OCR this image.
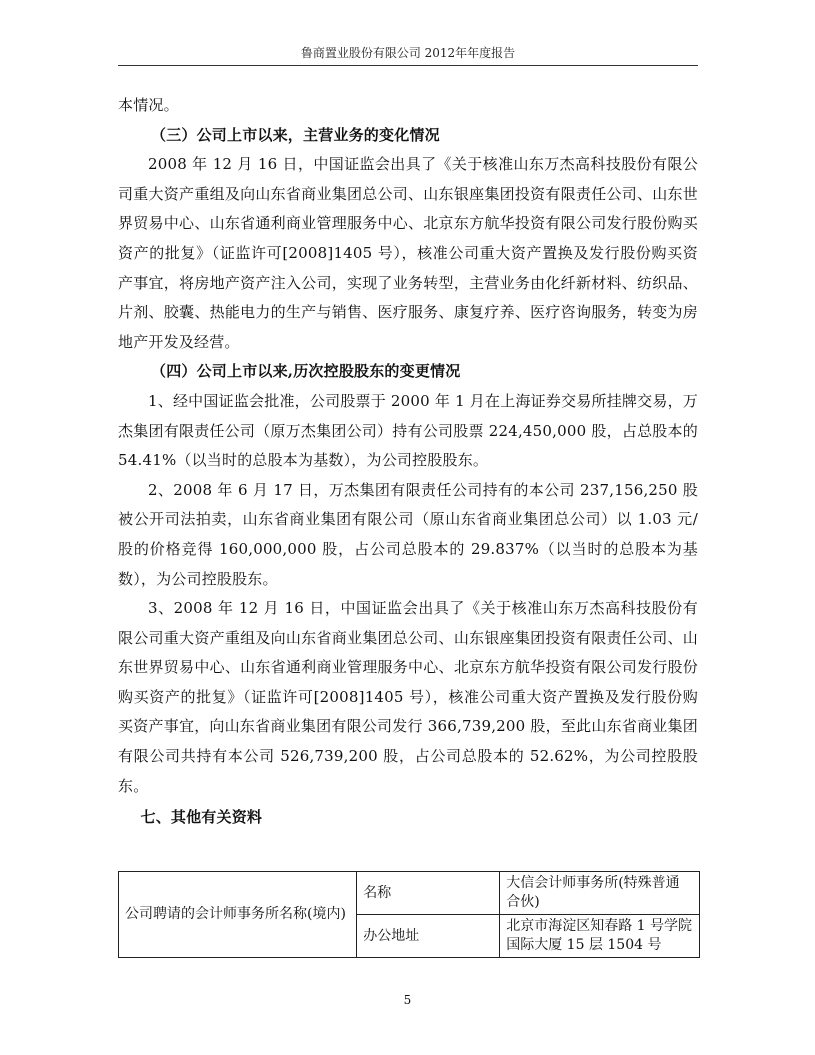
鲁商置业股份有限公司 2012年年度报告

本情况。

（三）公司上市以来，主营业务的变化情况

2008 年 12 月 16 日，中国证监会出具了《关于核准山东万杰高科技股份有限公司重大资产重组及向山东省商业集团总公司、山东银座集团投资有限责任公司、山东世界贸易中心、山东省通利商业管理服务中心、北京东方航华投资有限公司发行股份购买资产的批复》（证监许可[2008]1405 号），核准公司重大资产置换及发行股份购买资产事宜，将房地产资产注入公司，实现了业务转型，主营业务由化纤新材料、纺织品、片剂、胶囊、热能电力的生产与销售、医疗服务、康复疗养、医疗咨询服务，转变为房地产开发及经营。

（四）公司上市以来,历次控股股东的变更情况

1、经中国证监会批准，公司股票于 2000 年 1 月在上海证券交易所挂牌交易，万杰集团有限责任公司（原万杰集团公司）持有公司股票 224,450,000 股，占总股本的 54.41%（以当时的总股本为基数），为公司控股股东。

2、2008 年 6 月 17 日，万杰集团有限责任公司持有的本公司 237,156,250 股被公开司法拍卖，山东省商业集团有限公司（原山东省商业集团总公司）以 1.03 元/股的价格竞得 160,000,000 股，占公司总股本的 29.837%（以当时的总股本为基数），为公司控股股东。

3、2008 年 12 月 16 日，中国证监会出具了《关于核准山东万杰高科技股份有限公司重大资产重组及向山东省商业集团总公司、山东银座集团投资有限责任公司、山东世界贸易中心、山东省通利商业管理服务中心、北京东方航华投资有限公司发行股份购买资产的批复》（证监许可[2008]1405 号），核准公司重大资产置换及发行股份购买资产事宜，向山东省商业集团有限公司发行 366,739,200 股，至此山东省商业集团有限公司共持有本公司 526,739,200 股，占公司总股本的 52.62%，为公司控股股东。

七、其他有关资料

公司聘请的会计师事务所名称(境内)	名称	大信会计师事务所(特殊普通合伙)
	办公地址	北京市海淀区知春路 1 号学院国际大厦 15 层 1504 号
5
